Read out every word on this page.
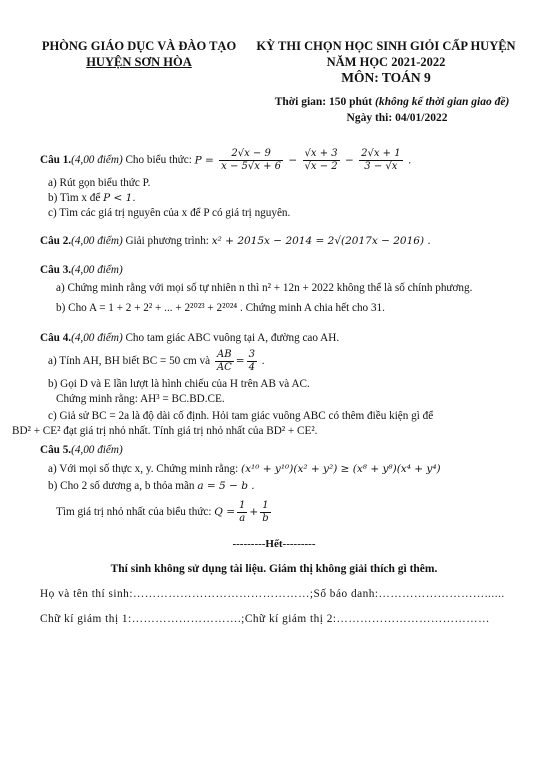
PHÒNG GIÁO DỤC VÀ ĐÀO TẠO
HUYỆN SƠN HÒA
KỲ THI CHỌN HỌC SINH GIỎI CẤP HUYỆN
NĂM HỌC 2021-2022
MÔN: TOÁN 9
Thời gian: 150 phút (không kể thời gian giao đề)
Ngày thi: 04/01/2022
Câu 1. (4,00 điểm)
Cho biểu thức:
$P = \frac{2√x - 9}{x - 5√x + 6} - \frac{√x + 3}{√x - 2} - \frac{2√x + 1}{3 - √x}$ .
a) Rút gọn biểu thức P.
b) Tìm x để P < 1.
c) Tìm các giá trị nguyên của x để P có giá trị nguyên.
Câu 2.(4,00 điểm) Giải phương trình: x² + 2015x − 2014 = 2√(2017x − 2016) .
Câu 3.(4,00 điểm)
a) Chứng minh rằng với mọi số tự nhiên n thì n² + 12n + 2022 không thể là số chính phương.
b) Cho A = 1 + 2 + 2² + ... + 2²⁰²³ + 2²⁰²⁴ . Chứng minh A chia hết cho 31.
Câu 4.(4,00 điểm) Cho tam giác ABC vuông tại A, đường cao AH.
a) Tính AH, BH biết BC = 50 cm và
$\frac{AB}{AC} = \frac{3}{4}$ .
b) Gọi D và E lần lượt là hình chiếu của H trên AB và AC.
Chứng minh rằng: AH³ = BC.BD.CE.
c) Giả sử BC = 2a là độ dài cố định. Hỏi tam giác vuông ABC có thêm điều kiện gì để
BD² + CE² đạt giá trị nhỏ nhất. Tính giá trị nhỏ nhất của BD² + CE².
Câu 5.(4,00 điểm)
a) Với mọi số thực x, y. Chứng minh rằng: (x¹⁰ + y¹⁰)(x² + y²) ≥ (x⁸ + y⁸)(x⁴ + y⁴)
b) Cho 2 số dương a, b thỏa mãn a = 5 − b .
Tìm giá trị nhỏ nhất của biểu thức:
$Q = \frac{1}{a} + \frac{1}{b}$
---------Hết---------
Thí sinh không sử dụng tài liệu. Giám thị không giải thích gì thêm.
Họ và tên thí sinh:………………………………………;Số báo danh:………………………......
Chữ kí giám thị 1:……………………….;Chữ kí giám thị 2:…………………………………
